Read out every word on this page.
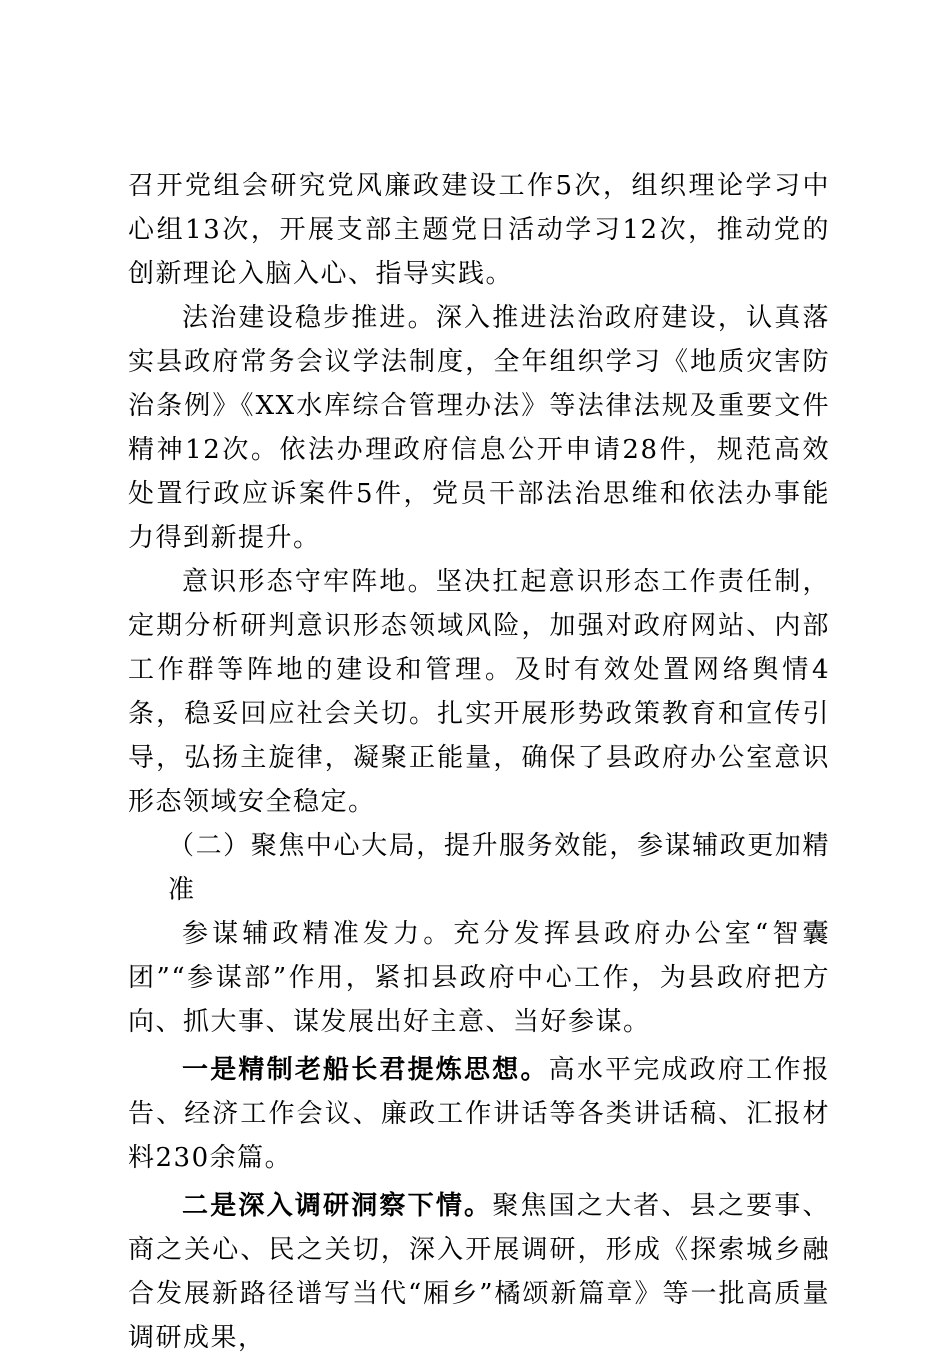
召开党组会研究党风廉政建设工作5次，组织理论学习中心组13次，开展支部主题党日活动学习12次，推动党的创新理论入脑入心、指导实践。

法治建设稳步推进。深入推进法治政府建设，认真落实县政府常务会议学法制度，全年组织学习《地质灾害防治条例》《XX水库综合管理办法》等法律法规及重要文件精神12次。依法办理政府信息公开申请28件，规范高效处置行政应诉案件5件，党员干部法治思维和依法办事能力得到新提升。

意识形态守牢阵地。坚决扛起意识形态工作责任制，定期分析研判意识形态领域风险，加强对政府网站、内部工作群等阵地的建设和管理。及时有效处置网络舆情4条，稳妥回应社会关切。扎实开展形势政策教育和宣传引导，弘扬主旋律，凝聚正能量，确保了县政府办公室意识形态领域安全稳定。

（二）聚焦中心大局，提升服务效能，参谋辅政更加精准

参谋辅政精准发力。充分发挥县政府办公室“智囊团”“参谋部”作用，紧扣县政府中心工作，为县政府把方向、抓大事、谋发展出好主意、当好参谋。

一是精制老船长君提炼思想。高水平完成政府工作报告、经济工作会议、廉政工作讲话等各类讲话稿、汇报材料230余篇。

二是深入调研洞察下情。聚焦国之大者、县之要事、商之关心、民之关切，深入开展调研，形成《探索城乡融合发展新路径谱写当代“厢乡”橘颂新篇章》等一批高质量调研成果，
